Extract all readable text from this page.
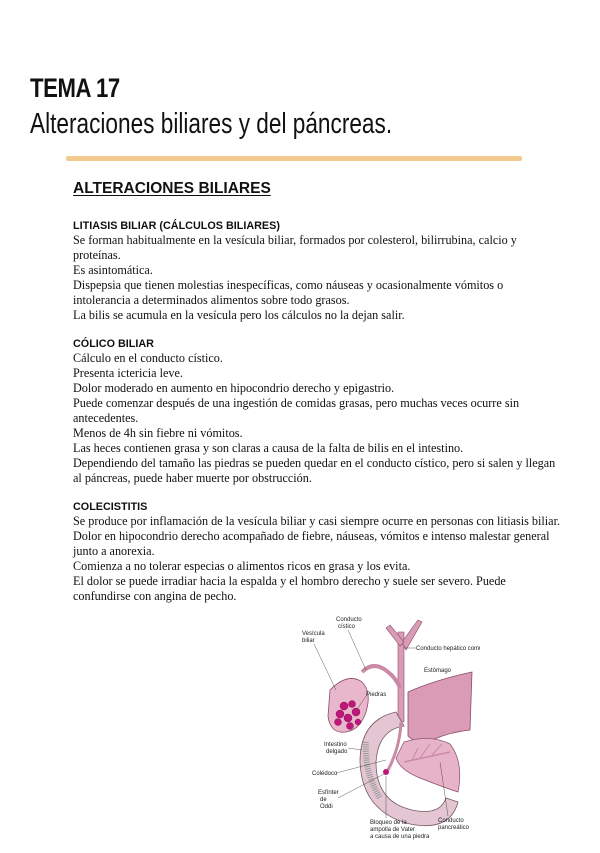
TEMA 17
Alteraciones biliares y del páncreas.
ALTERACIONES BILIARES
LITIASIS BILIAR (CÁLCULOS BILIARES)

Se forman habitualmente en la vesícula biliar, formados por colesterol, bilirrubina, calcio y proteínas.

Es asintomática.

Dispepsia que tienen molestias inespecíficas, como náuseas y ocasionalmente vómitos o intolerancia a determinados alimentos sobre todo grasos.

La bilis se acumula en la vesícula pero los cálculos no la dejan salir.

CÓLICO BILIAR

Cálculo en el conducto cístico.

Presenta ictericia leve.

Dolor moderado en aumento en hipocondrio derecho y epigastrio.

Puede comenzar después de una ingestión de comidas grasas, pero muchas veces ocurre sin antecedentes.

Menos de 4h sin fiebre ni vómitos.

Las heces contienen grasa y son claras a causa de la falta de bilis en el intestino.

Dependiendo del tamaño las piedras se pueden quedar en el conducto cístico, pero si salen y llegan al páncreas, puede haber muerte por obstrucción.

COLECISTITIS

Se produce por inflamación de la vesícula biliar y casi siempre ocurre en personas con litiasis biliar.

Dolor en hipocondrio derecho acompañado de fiebre, náuseas, vómitos e intenso malestar general junto a anorexia.

Comienza a no tolerar especias o alimentos ricos en grasa y los evita.

El dolor se puede irradiar hacia la espalda y el hombro derecho y suele ser severo. Puede confundirse con angina de pecho.

Vesícula
biliar
Conducto
cístico
Conducto hepático común
Estómago
Piedras
Intestino
delgado
Colédoco
Esfínter
de
Oddi
Bloqueo de la
ampolla de Vater
a causa de una piedra
Conducto
pancreático
